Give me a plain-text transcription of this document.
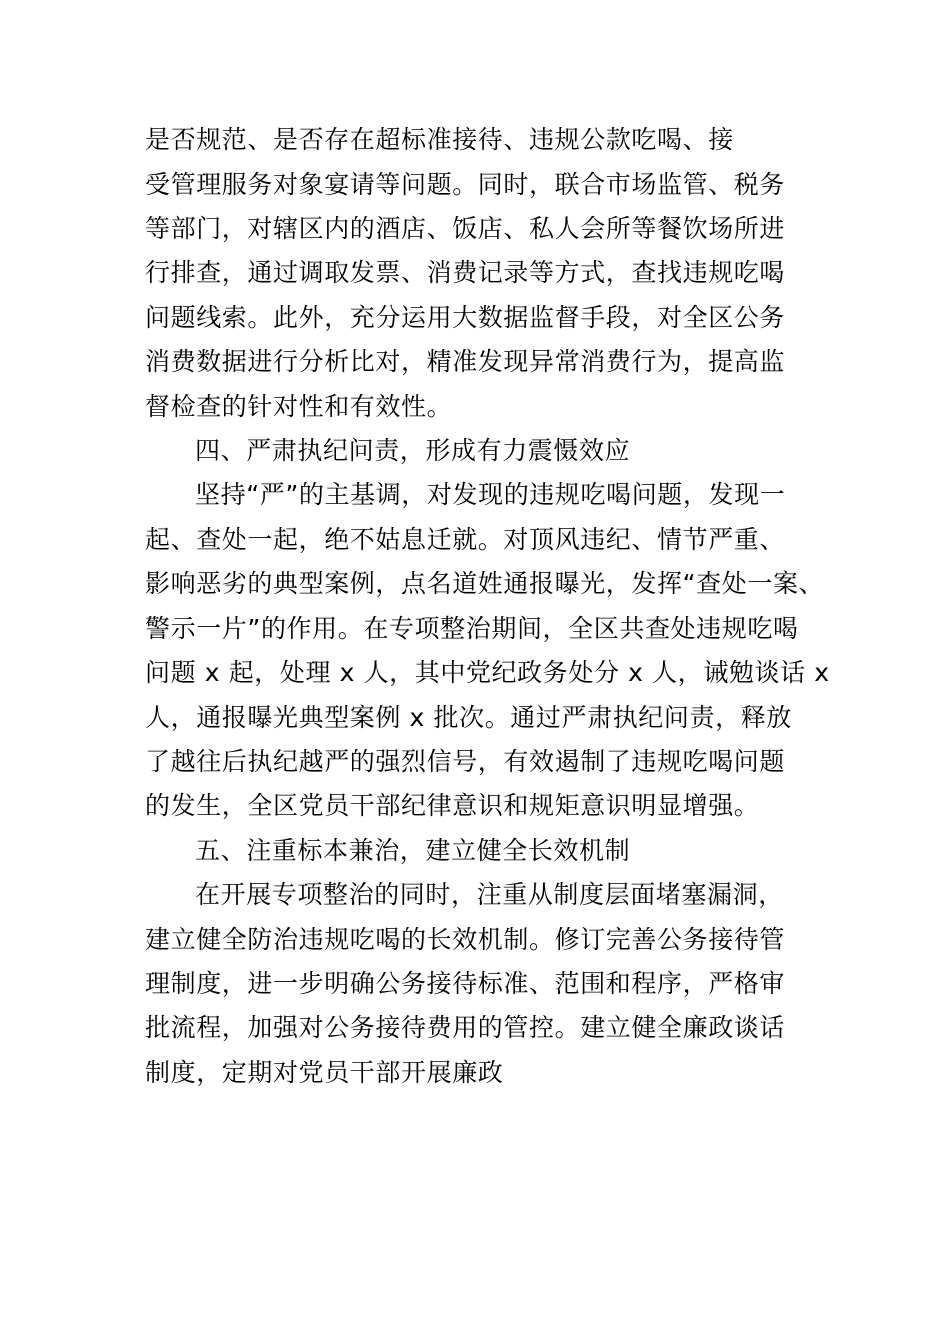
是否规范、是否存在超标准接待、违规公款吃喝、接
受管理服务对象宴请等问题。同时，联合市场监管、税务
等部门，对辖区内的酒店、饭店、私人会所等餐饮场所进
行排查，通过调取发票、消费记录等方式，查找违规吃喝
问题线索。此外，充分运用大数据监督手段，对全区公务
消费数据进行分析比对，精准发现异常消费行为，提高监
督检查的针对性和有效性。
四、严肃执纪问责，形成有力震慑效应
坚持“严”的主基调，对发现的违规吃喝问题，发现一
起、查处一起，绝不姑息迁就。对顶风违纪、情节严重、
影响恶劣的典型案例，点名道姓通报曝光，发挥“查处一案、
警示一片”的作用。在专项整治期间，全区共查处违规吃喝
问题 x 起，处理 x 人，其中党纪政务处分 x 人，诫勉谈话 x
人，通报曝光典型案例 x 批次。通过严肃执纪问责，释放
了越往后执纪越严的强烈信号，有效遏制了违规吃喝问题
的发生，全区党员干部纪律意识和规矩意识明显增强。
五、注重标本兼治，建立健全长效机制
在开展专项整治的同时，注重从制度层面堵塞漏洞，
建立健全防治违规吃喝的长效机制。修订完善公务接待管
理制度，进一步明确公务接待标准、范围和程序，严格审
批流程，加强对公务接待费用的管控。建立健全廉政谈话
制度，定期对党员干部开展廉政
